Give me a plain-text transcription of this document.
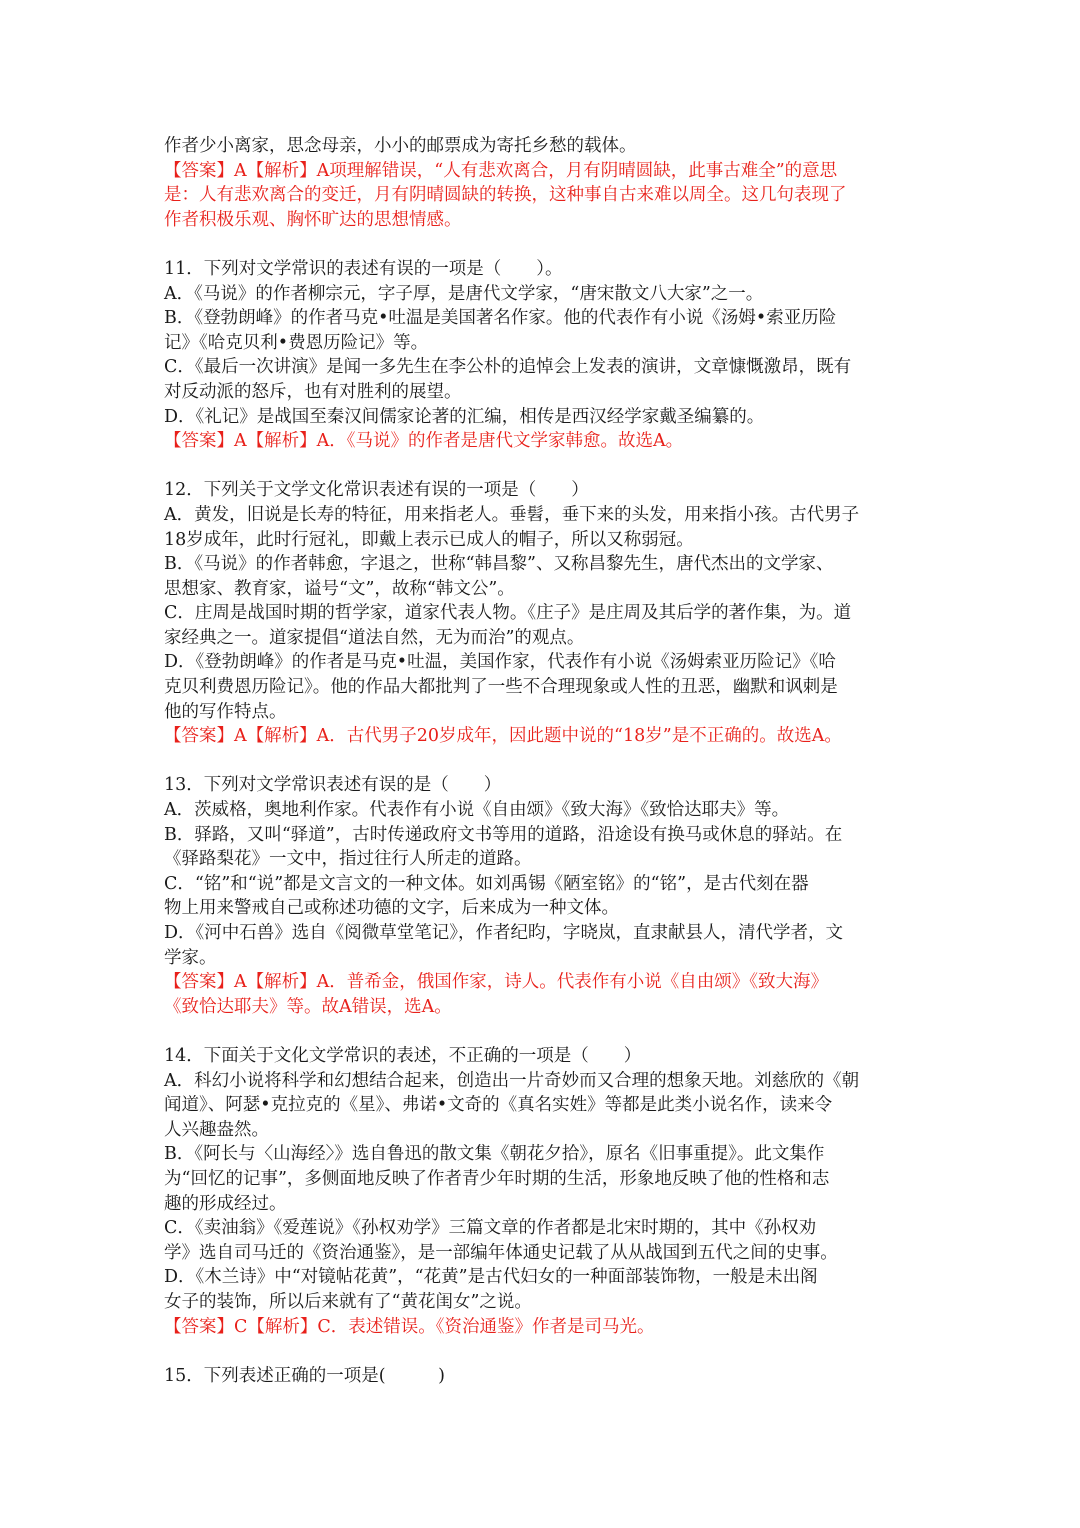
作者少小离家，思念母亲，小小的邮票成为寄托乡愁的载体。
【答案】A【解析】A项理解错误，“人有悲欢离合，月有阴晴圆缺，此事古难全”的意思
是：人有悲欢离合的变迁，月有阴晴圆缺的转换，这种事自古来难以周全。这几句表现了
作者积极乐观、胸怀旷达的思想情感。
11．下列对文学常识的表述有误的一项是（　　）。
A．《马说》的作者柳宗元，字子厚，是唐代文学家，“唐宋散文八大家”之一。
B．《登勃朗峰》的作者马克•吐温是美国著名作家。他的代表作有小说《汤姆•索亚历险
记》《哈克贝利•费恩历险记》等。
C．《最后一次讲演》是闻一多先生在李公朴的追悼会上发表的演讲，文章慷慨激昂，既有
对反动派的怒斥，也有对胜利的展望。
D．《礼记》是战国至秦汉间儒家论著的汇编，相传是西汉经学家戴圣编纂的。
【答案】A【解析】A．《马说》的作者是唐代文学家韩愈。故选A。
12．下列关于文学文化常识表述有误的一项是（　　）
A．黄发，旧说是长寿的特征，用来指老人。垂髫，垂下来的头发，用来指小孩。古代男子
18岁成年，此时行冠礼，即戴上表示已成人的帽子，所以又称弱冠。
B．《马说》的作者韩愈，字退之，世称“韩昌黎”、又称昌黎先生，唐代杰出的文学家、
思想家、教育家，谥号“文”，故称“韩文公”。
C．庄周是战国时期的哲学家，道家代表人物。《庄子》是庄周及其后学的著作集，为。道
家经典之一。道家提倡“道法自然，无为而治”的观点。
D．《登勃朗峰》的作者是马克•吐温，美国作家，代表作有小说《汤姆索亚历险记》《哈
克贝利费恩历险记》。他的作品大都批判了一些不合理现象或人性的丑恶，幽默和讽刺是
他的写作特点。
【答案】A【解析】A．古代男子20岁成年，因此题中说的“18岁”是不正确的。故选A。
13．下列对文学常识表述有误的是（　　）
A．茨威格，奥地利作家。代表作有小说《自由颂》《致大海》《致恰达耶夫》等。
B．驿路，又叫“驿道”，古时传递政府文书等用的道路，沿途设有换马或休息的驿站。在
《驿路梨花》一文中，指过往行人所走的道路。
C．“铭”和“说”都是文言文的一种文体。如刘禹锡《陋室铭》的“铭”，是古代刻在器
物上用来警戒自己或称述功德的文字，后来成为一种文体。
D．《河中石兽》选自《阅微草堂笔记》，作者纪昀，字晓岚，直隶献县人，清代学者，文
学家。
【答案】A【解析】A．普希金，俄国作家，诗人。代表作有小说《自由颂》《致大海》
《致恰达耶夫》等。故A错误，选A。
14．下面关于文化文学常识的表述，不正确的一项是（　　）
A．科幻小说将科学和幻想结合起来，创造出一片奇妙而又合理的想象天地。刘慈欣的《朝
闻道》、阿瑟•克拉克的《星》、弗诺•文奇的《真名实姓》等都是此类小说名作，读来令
人兴趣盎然。
B．《阿长与〈山海经〉》选自鲁迅的散文集《朝花夕拾》，原名《旧事重提》。此文集作
为“回忆的记事”，多侧面地反映了作者青少年时期的生活，形象地反映了他的性格和志
趣的形成经过。
C．《卖油翁》《爱莲说》《孙权劝学》三篇文章的作者都是北宋时期的，其中《孙权劝
学》选自司马迁的《资治通鉴》，是一部编年体通史记载了从从战国到五代之间的史事。
D．《木兰诗》中“对镜帖花黄”，“花黄”是古代妇女的一种面部装饰物，一般是未出阁
女子的装饰，所以后来就有了“黄花闺女”之说。
【答案】C【解析】C．表述错误。《资治通鉴》作者是司马光。
15．下列表述正确的一项是(　　　)
